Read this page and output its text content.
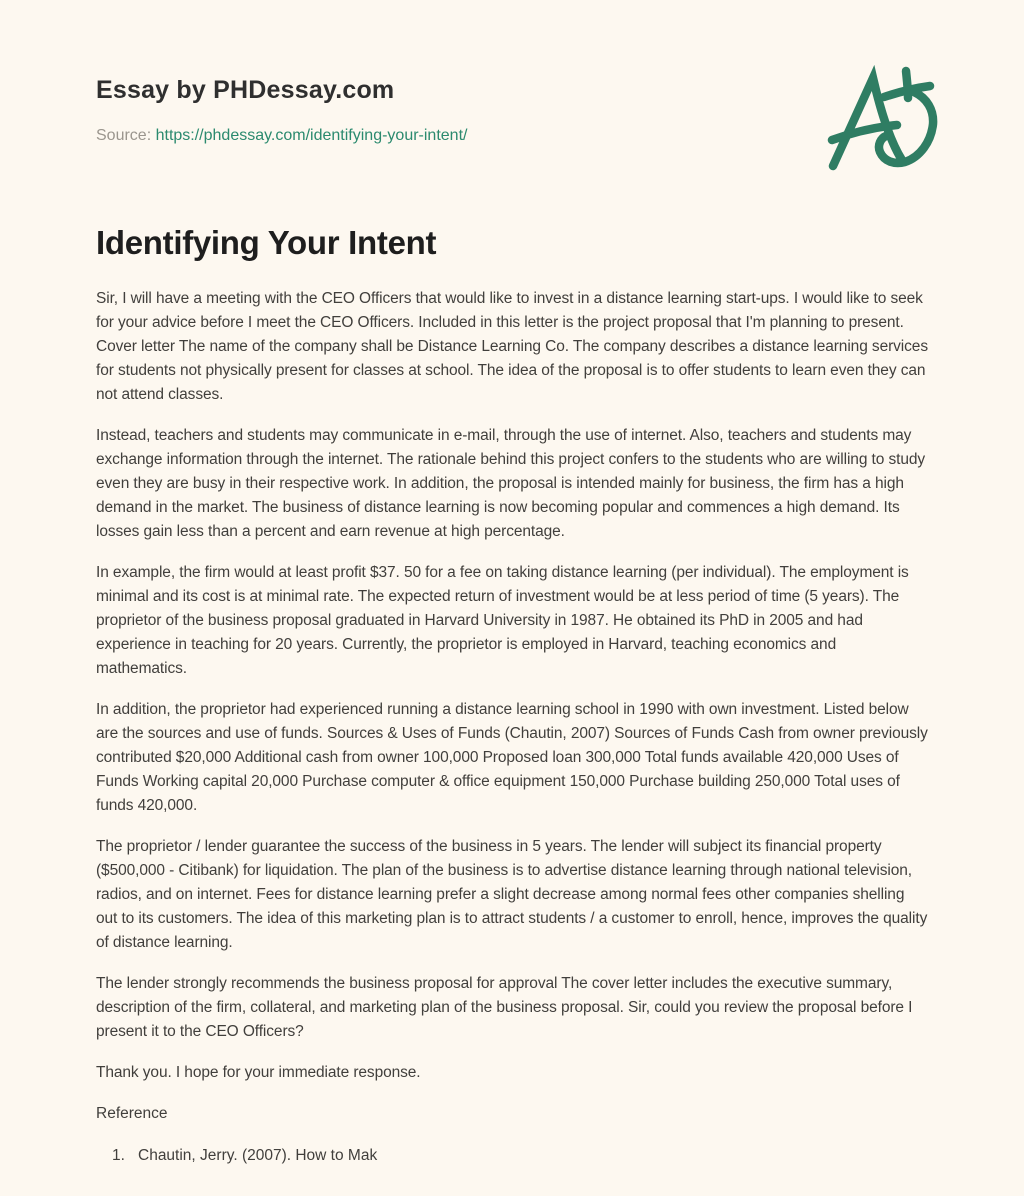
Essay by PHDessay.com

Source: https://phdessay.com/identifying-your-intent/

Identifying Your Intent

Sir, I will have a meeting with the CEO Officers that would like to invest in a distance learning start-ups. I would like to seek for your advice before I meet the CEO Officers. Included in this letter is the project proposal that I'm planning to present. Cover letter The name of the company shall be Distance Learning Co. The company describes a distance learning services for students not physically present for classes at school. The idea of the proposal is to offer students to learn even they can not attend classes.

Instead, teachers and students may communicate in e-mail, through the use of internet. Also, teachers and students may exchange information through the internet. The rationale behind this project confers to the students who are willing to study even they are busy in their respective work. In addition, the proposal is intended mainly for business, the firm has a high demand in the market. The business of distance learning is now becoming popular and commences a high demand. Its losses gain less than a percent and earn revenue at high percentage.

In example, the firm would at least profit $37. 50 for a fee on taking distance learning (per individual). The employment is minimal and its cost is at minimal rate. The expected return of investment would be at less period of time (5 years). The proprietor of the business proposal graduated in Harvard University in 1987. He obtained its PhD in 2005 and had experience in teaching for 20 years. Currently, the proprietor is employed in Harvard, teaching economics and mathematics.

In addition, the proprietor had experienced running a distance learning school in 1990 with own investment. Listed below are the sources and use of funds. Sources & Uses of Funds (Chautin, 2007) Sources of Funds Cash from owner previously contributed $20,000 Additional cash from owner 100,000 Proposed loan 300,000 Total funds available 420,000 Uses of Funds Working capital 20,000 Purchase computer & office equipment 150,000 Purchase building 250,000 Total uses of funds 420,000.

The proprietor / lender guarantee the success of the business in 5 years. The lender will subject its financial property ($500,000 - Citibank) for liquidation. The plan of the business is to advertise distance learning through national television, radios, and on internet. Fees for distance learning prefer a slight decrease among normal fees other companies shelling out to its customers. The idea of this marketing plan is to attract students / a customer to enroll, hence, improves the quality of distance learning.

The lender strongly recommends the business proposal for approval The cover letter includes the executive summary, description of the firm, collateral, and marketing plan of the business proposal. Sir, could you review the proposal before I present it to the CEO Officers?

Thank you. I hope for your immediate response.

Reference
1. Chautin, Jerry. (2007). How to Mak
